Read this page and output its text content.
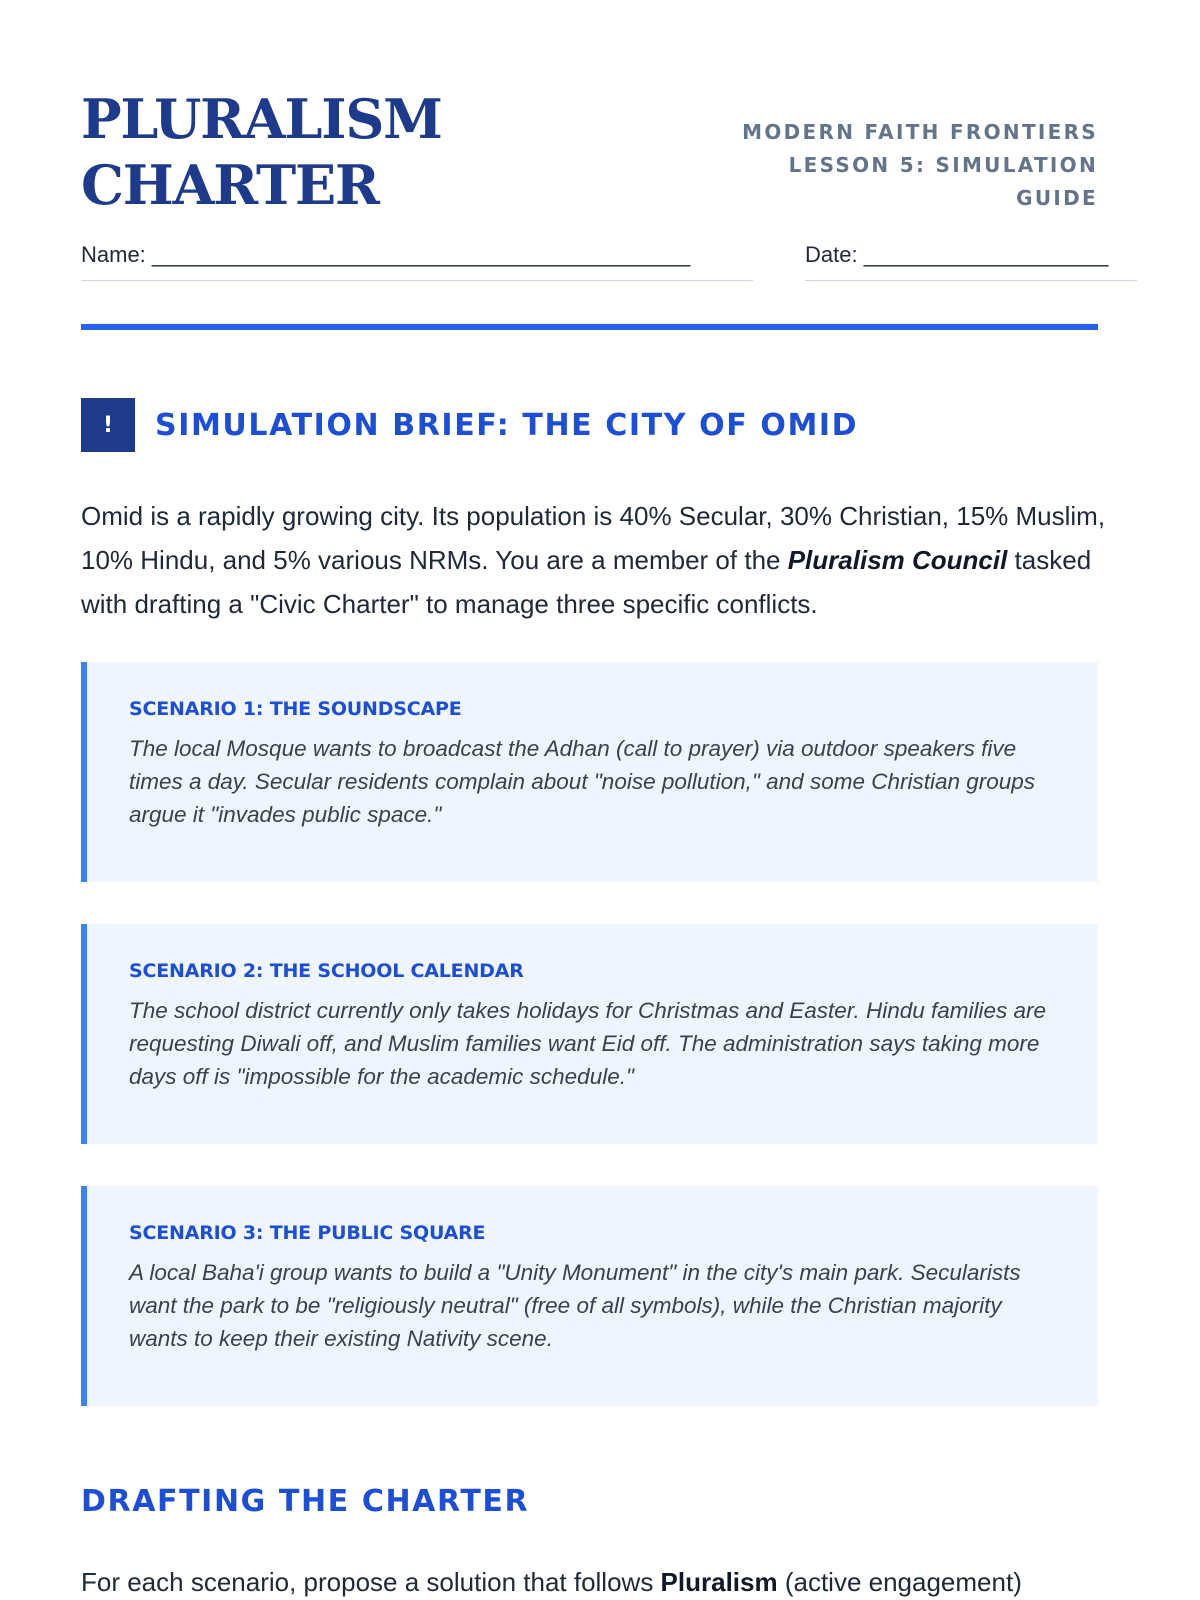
PLURALISM
CHARTER
MODERN FAITH FRONTIERS
LESSON 5: SIMULATION
GUIDE
Name: ____________________________________________	Date: ____________________
!	SIMULATION BRIEF: THE CITY OF OMID

Omid is a rapidly growing city. Its population is 40% Secular, 30% Christian, 15% Muslim, 10% Hindu, and 5% various NRMs. You are a member of the Pluralism Council tasked with drafting a "Civic Charter" to manage three specific conflicts.

SCENARIO 1: THE SOUNDSCAPE

The local Mosque wants to broadcast the Adhan (call to prayer) via outdoor speakers five times a day. Secular residents complain about "noise pollution," and some Christian groups argue it "invades public space."

SCENARIO 2: THE SCHOOL CALENDAR

The school district currently only takes holidays for Christmas and Easter. Hindu families are requesting Diwali off, and Muslim families want Eid off. The administration says taking more days off is "impossible for the academic schedule."

SCENARIO 3: THE PUBLIC SQUARE

A local Baha'i group wants to build a "Unity Monument" in the city's main park. Secularists want the park to be "religiously neutral" (free of all symbols), while the Christian majority wants to keep their existing Nativity scene.

DRAFTING THE CHARTER

For each scenario, propose a solution that follows Pluralism (active engagement)
